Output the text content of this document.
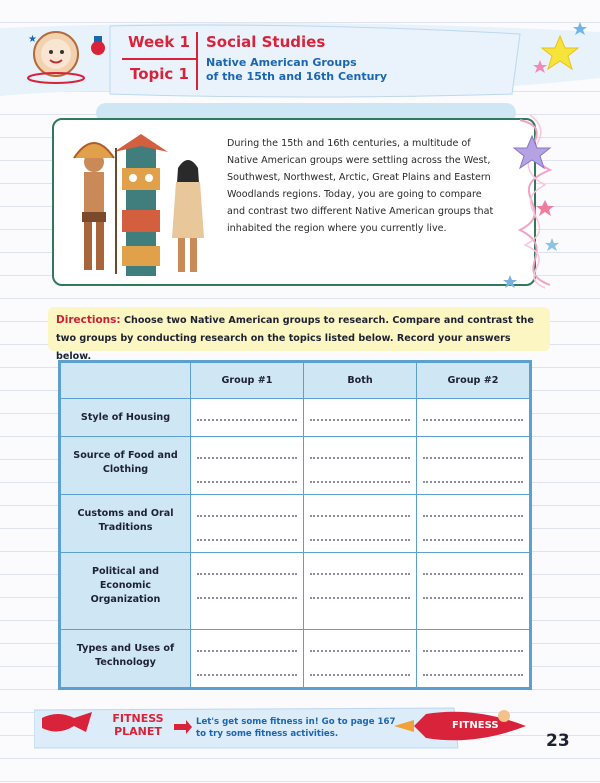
★	Week 1 Social Studies
Topic 1
Native American Groups
of the 15th and 16th Century
During the 15th and 16th centuries, a multitude of Native American groups were settling across the West, Southwest, Northwest, Arctic, Great Plains and Eastern Woodlands regions. Today, you are going to compare and contrast two different Native American groups that inhabited the region where you currently live.
Directions: Choose two Native American groups to research. Compare and contrast the two groups by conducting research on the topics listed below. Record your answers below.
	Group #1	Both	Group #2
Style of Housing	

Source of Food and Clothing	

Customs and Oral Traditions	

Political and Economic Organization	

Types and Uses of Technology	

FITNESS
PLANET
Let's get some fitness in! Go to page 167 to try some fitness activities.
FITNESS
23
